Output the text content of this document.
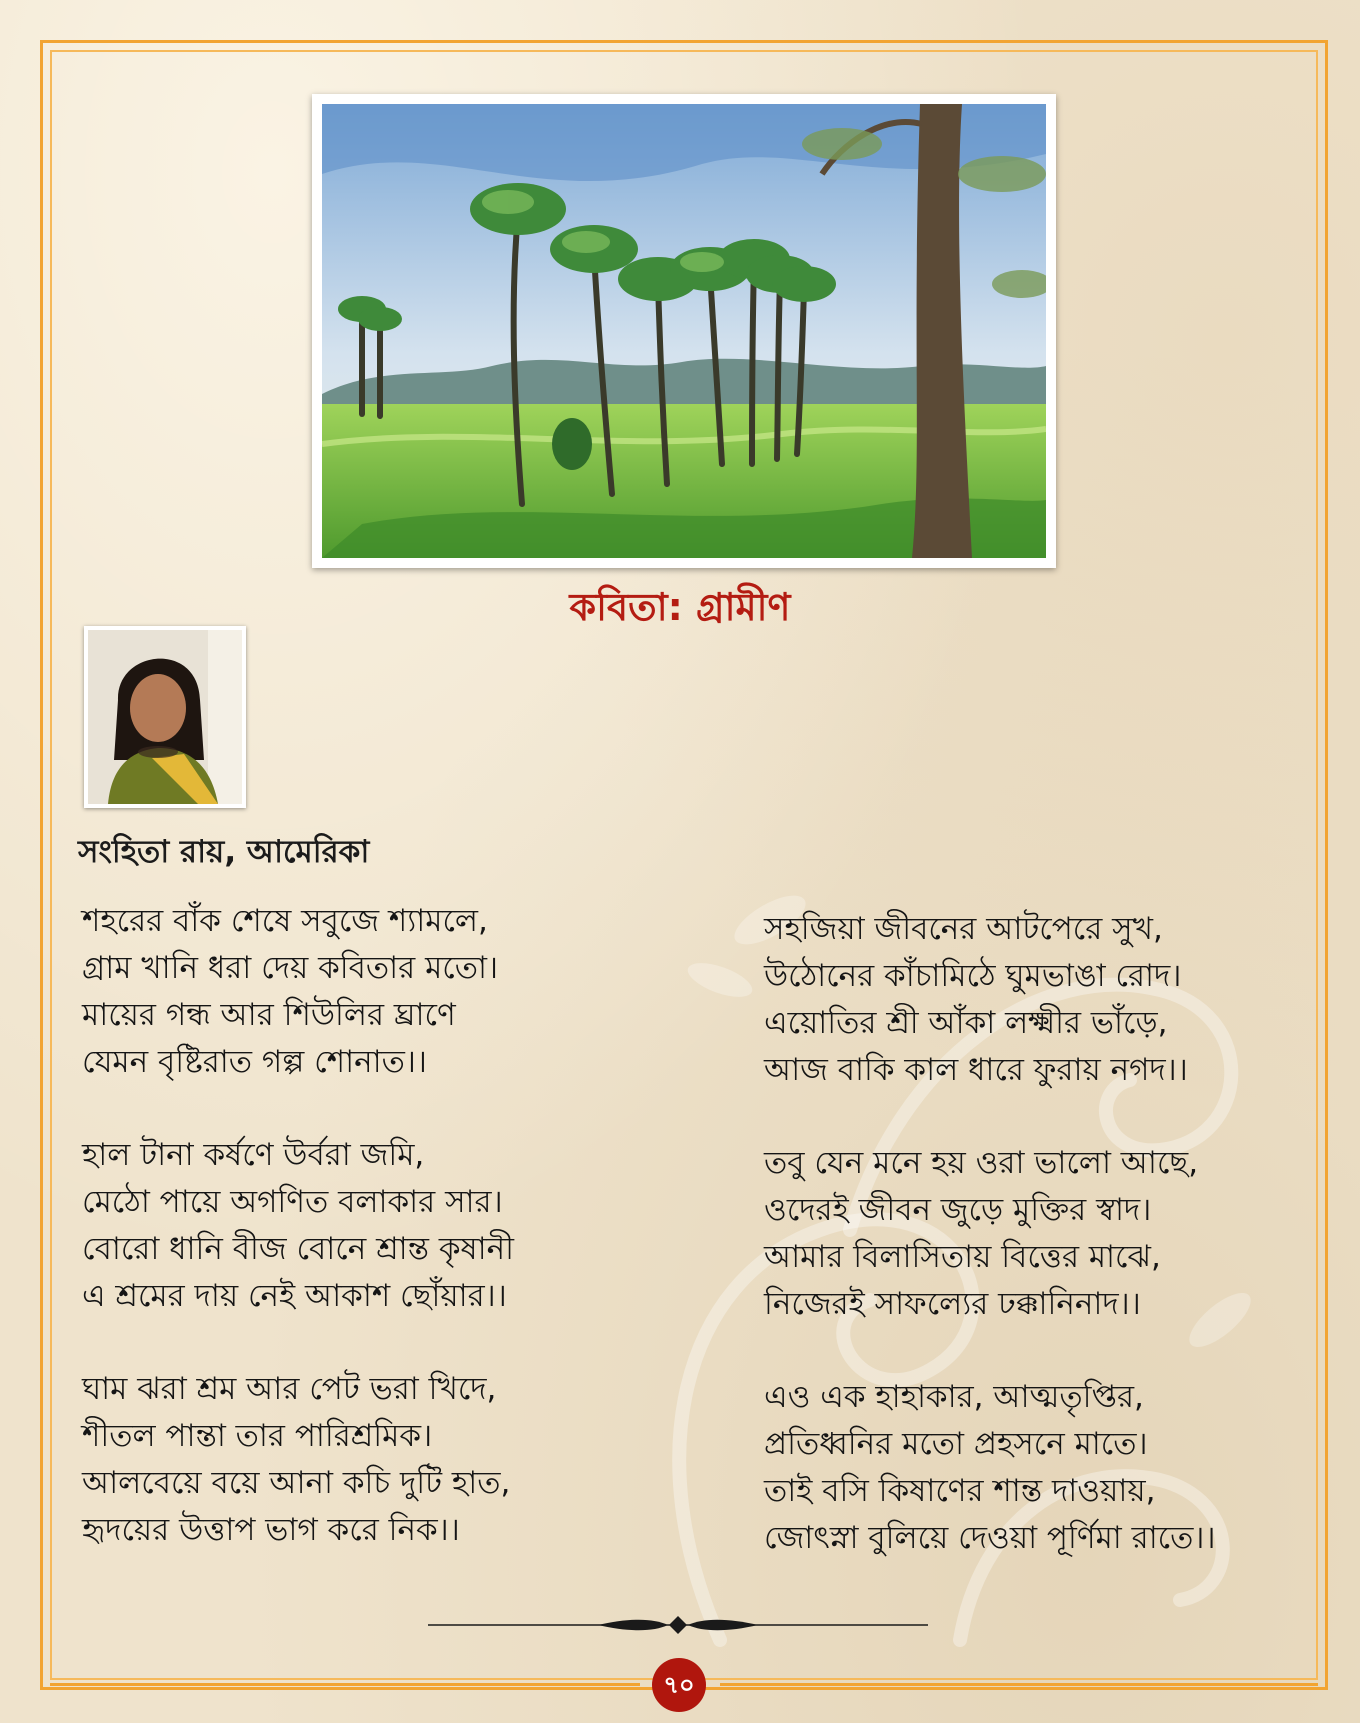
কবিতা: গ্রামীণ
সংহিতা রায়, আমেরিকা
শহরের বাঁক শেষে সবুজে শ্যামলে,
গ্রাম খানি ধরা দেয় কবিতার মতো।
মায়ের গন্ধ আর শিউলির ঘ্রাণে
যেমন বৃষ্টিরাত গল্প শোনাত।।
হাল টানা কর্ষণে উর্বরা জমি,
মেঠো পায়ে অগণিত বলাকার সার।
বোরো ধানি বীজ বোনে শ্রান্ত কৃষানী
এ শ্রমের দায় নেই আকাশ ছোঁয়ার।।
ঘাম ঝরা শ্রম আর পেট ভরা খিদে,
শীতল পান্তা তার পারিশ্রমিক।
আলবেয়ে বয়ে আনা কচি দুটি হাত,
হৃদয়ের উত্তাপ ভাগ করে নিক।।
সহজিয়া জীবনের আটপেরে সুখ,
উঠোনের কাঁচামিঠে ঘুমভাঙা রোদ।
এয়োতির শ্রী আঁকা লক্ষ্মীর ভাঁড়ে,
আজ বাকি কাল ধারে ফুরায় নগদ।।
তবু যেন মনে হয় ওরা ভালো আছে,
ওদেরই জীবন জুড়ে মুক্তির স্বাদ।
আমার বিলাসিতায় বিত্তের মাঝে,
নিজেরই সাফল্যের ঢক্কানিনাদ।।
এও এক হাহাকার, আত্মতৃপ্তির,
প্রতিধ্বনির মতো প্রহসনে মাতে।
তাই বসি কিষাণের শান্ত দাওয়ায়,
জোৎস্না বুলিয়ে দেওয়া পূর্ণিমা রাতে।।
৭০
